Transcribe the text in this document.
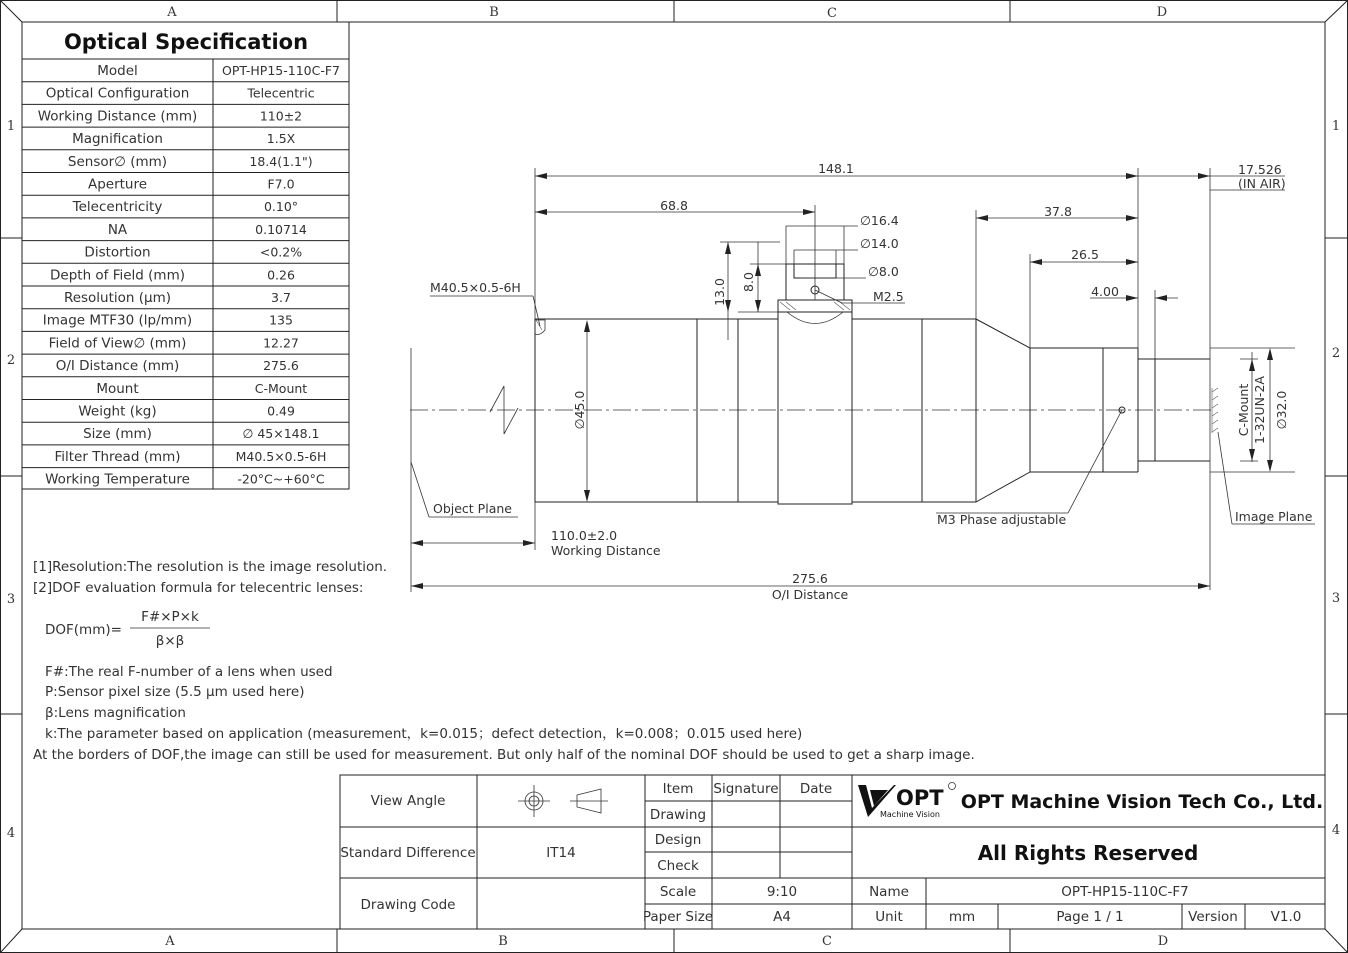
A	B	C	D
A	B	C	D
1
2
3
4
1
2
3
4
Optical Specification
Model	OPT-HP15-110C-F7
Optical Configuration	Telecentric
Working Distance (mm)	110±2
Magnification	1.5X
Sensor∅ (mm)	18.4(1.1")
Aperture	F7.0
Telecentricity	0.10°
NA	0.10714
Distortion	<0.2%
Depth of Field (mm)	0.26
Resolution (μm)	3.7
Image MTF30 (lp/mm)	135
Field of View∅ (mm)	12.27
O/I Distance (mm)	275.6
Mount	C-Mount
Weight (kg)	0.49
Size (mm)	∅ 45×148.1
Filter Thread (mm)	M40.5×0.5-6H
Working Temperature	-20°C~+60°C
[1]Resolution:The resolution is the image resolution.
[2]DOF evaluation formula for telecentric lenses:
DOF(mm)=
F#×P×k
β×β
F#:The real F-number of a lens when used
P:Sensor pixel size (5.5 μm used here)
β:Lens magnification
k:The parameter based on application (measurement，k=0.015；defect detection，k=0.008；0.015 used here)
At the borders of DOF,the image can still be used for measurement. But only half of the nominal DOF should be used to get a sharp image.
148.1	17.526
(IN AIR)
68.8	37.8
26.5
4.00
∅16.4
∅14.0
∅8.0
M2.5
13.0 8.0
∅45.0	∅32.0
C-Mount 1-32UN-2A
M40.5×0.5-6H
Object Plane
Image Plane
M3 Phase adjustable
110.0±2.0
Working Distance
275.6
O/I Distance
View Angle
Standard Difference	IT14
Drawing Code
Item Signature Date
Drawing
Design
Check
Scale	9:10
Paper Size	A4
Name	OPT-HP15-110C-F7
Unit	mm	Page 1 / 1	Version V1.0
OPT
Machine Vision
OPT Machine Vision Tech Co., Ltd.
All Rights Reserved
